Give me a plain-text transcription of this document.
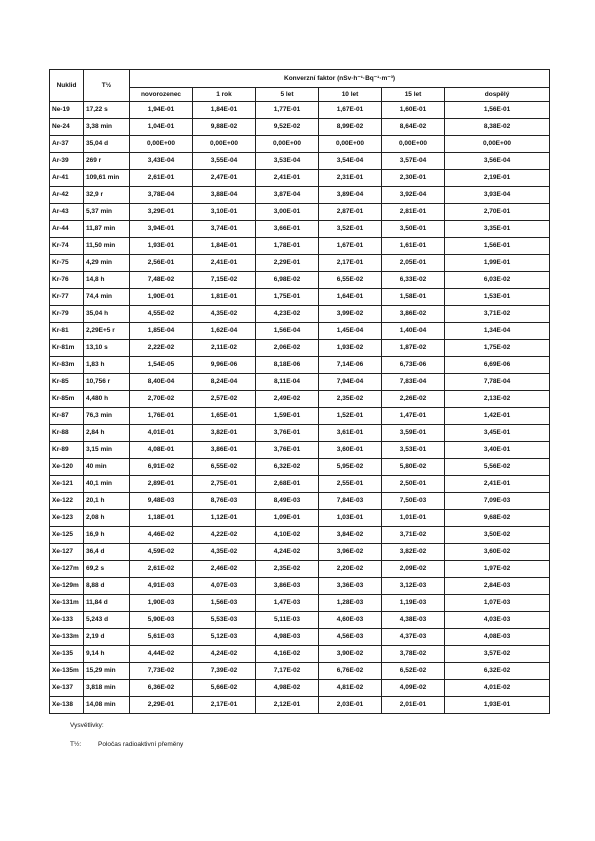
Nuklid	T½	Konverzní faktor (nSv·h⁻¹·Bq⁻¹·m⁻³)					
		novorozenec	1 rok	5 let	10 let	15 let	dospělý
Ne-19	17,22 s	1,94E-01	1,84E-01	1,77E-01	1,67E-01	1,60E-01	1,56E-01
Ne-24	3,38 min	1,04E-01	9,88E-02	9,52E-02	8,99E-02	8,64E-02	8,38E-02
Ar-37	35,04 d	0,00E+00	0,00E+00	0,00E+00	0,00E+00	0,00E+00	0,00E+00
Ar-39	269 r	3,43E-04	3,55E-04	3,53E-04	3,54E-04	3,57E-04	3,56E-04
Ar-41	109,61 min	2,61E-01	2,47E-01	2,41E-01	2,31E-01	2,30E-01	2,19E-01
Ar-42	32,9 r	3,78E-04	3,88E-04	3,87E-04	3,89E-04	3,92E-04	3,93E-04
Ar-43	5,37 min	3,29E-01	3,10E-01	3,00E-01	2,87E-01	2,81E-01	2,70E-01
Ar-44	11,87 min	3,94E-01	3,74E-01	3,66E-01	3,52E-01	3,50E-01	3,35E-01
Kr-74	11,50 min	1,93E-01	1,84E-01	1,78E-01	1,67E-01	1,61E-01	1,56E-01
Kr-75	4,29 min	2,56E-01	2,41E-01	2,29E-01	2,17E-01	2,05E-01	1,99E-01
Kr-76	14,8 h	7,48E-02	7,15E-02	6,98E-02	6,55E-02	6,33E-02	6,03E-02
Kr-77	74,4 min	1,90E-01	1,81E-01	1,75E-01	1,64E-01	1,58E-01	1,53E-01
Kr-79	35,04 h	4,55E-02	4,35E-02	4,23E-02	3,99E-02	3,86E-02	3,71E-02
Kr-81	2,29E+5 r	1,85E-04	1,62E-04	1,56E-04	1,45E-04	1,40E-04	1,34E-04
Kr-81m	13,10 s	2,22E-02	2,11E-02	2,06E-02	1,93E-02	1,87E-02	1,75E-02
Kr-83m	1,83 h	1,54E-05	9,96E-06	8,18E-06	7,14E-06	6,73E-06	6,69E-06
Kr-85	10,756 r	8,40E-04	8,24E-04	8,11E-04	7,94E-04	7,83E-04	7,78E-04
Kr-85m	4,480 h	2,70E-02	2,57E-02	2,49E-02	2,35E-02	2,26E-02	2,13E-02
Kr-87	76,3 min	1,76E-01	1,65E-01	1,59E-01	1,52E-01	1,47E-01	1,42E-01
Kr-88	2,84 h	4,01E-01	3,82E-01	3,76E-01	3,61E-01	3,59E-01	3,45E-01
Kr-89	3,15 min	4,08E-01	3,86E-01	3,76E-01	3,60E-01	3,53E-01	3,40E-01
Xe-120	40 min	6,91E-02	6,55E-02	6,32E-02	5,95E-02	5,80E-02	5,56E-02
Xe-121	40,1 min	2,89E-01	2,75E-01	2,68E-01	2,55E-01	2,50E-01	2,41E-01
Xe-122	20,1 h	9,48E-03	8,76E-03	8,49E-03	7,84E-03	7,50E-03	7,09E-03
Xe-123	2,08 h	1,18E-01	1,12E-01	1,09E-01	1,03E-01	1,01E-01	9,68E-02
Xe-125	16,9 h	4,46E-02	4,22E-02	4,10E-02	3,84E-02	3,71E-02	3,50E-02
Xe-127	36,4 d	4,59E-02	4,35E-02	4,24E-02	3,96E-02	3,82E-02	3,60E-02
Xe-127m	69,2 s	2,61E-02	2,46E-02	2,35E-02	2,20E-02	2,09E-02	1,97E-02
Xe-129m	8,88 d	4,91E-03	4,07E-03	3,86E-03	3,36E-03	3,12E-03	2,84E-03
Xe-131m	11,84 d	1,90E-03	1,56E-03	1,47E-03	1,28E-03	1,19E-03	1,07E-03
Xe-133	5,243 d	5,90E-03	5,53E-03	5,11E-03	4,60E-03	4,38E-03	4,03E-03
Xe-133m	2,19 d	5,61E-03	5,12E-03	4,98E-03	4,56E-03	4,37E-03	4,08E-03
Xe-135	9,14 h	4,44E-02	4,24E-02	4,16E-02	3,90E-02	3,78E-02	3,57E-02
Xe-135m	15,29 min	7,73E-02	7,39E-02	7,17E-02	6,76E-02	6,52E-02	6,32E-02
Xe-137	3,818 min	6,36E-02	5,66E-02	4,98E-02	4,81E-02	4,09E-02	4,01E-02
Xe-138	14,08 min	2,29E-01	2,17E-01	2,12E-01	2,03E-01	2,01E-01	1,93E-01
Vysvětlivky:
T½:	Poločas radioaktivní přeměny
